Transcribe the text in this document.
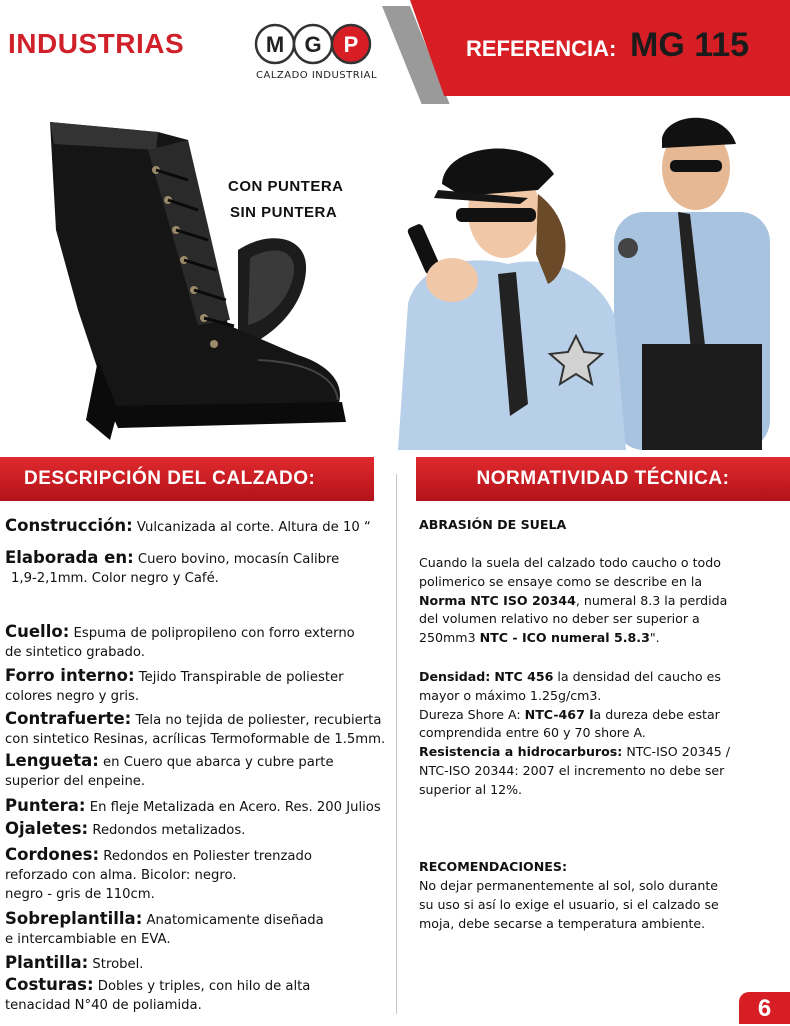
INDUSTRIAS	M G P
CALZADO INDUSTRIAL
REFERENCIA: MG 115
CON PUNTERA
SIN PUNTERA
DESCRIPCIÓN DEL CALZADO:	NORMATIVIDAD TÉCNICA:
Construcción: Vulcanizada al corte. Altura de 10 “
Elaborada en: Cuero bovino, mocasín Calibre
1,9-2,1mm. Color negro y Café.
Cuello: Espuma de polipropileno con forro externo
de sintetico grabado.
Forro interno: Tejido Transpirable de poliester
colores negro y gris.
Contrafuerte: Tela no tejida de poliester, recubierta
con sintetico Resinas, acrílicas Termoformable de 1.5mm.
Lengueta: en Cuero que abarca y cubre parte
superior del enpeine.
Puntera: En fleje Metalizada en Acero. Res. 200 Julios
Ojaletes: Redondos metalizados.
Cordones: Redondos en Poliester trenzado
reforzado con alma. Bicolor: negro.
negro - gris de 110cm.
Sobreplantilla: Anatomicamente diseñada
e intercambiable en EVA.
Plantilla: Strobel.
Costuras: Dobles y triples, con hilo de alta
tenacidad N°40 de poliamida.
ABRASIÓN DE SUELA
Cuando la suela del calzado todo caucho o todo
polimerico se ensaye como se describe en la
Norma NTC ISO 20344, numeral 8.3 la perdida
del volumen relativo no deber ser superior a
250mm3 NTC - ICO numeral 5.8.3".
Densidad: NTC 456 la densidad del caucho es
mayor o máximo 1.25g/cm3.
Dureza Shore A: NTC-467 la dureza debe estar
comprendida entre 60 y 70 shore A.
Resistencia a hidrocarburos: NTC-ISO 20345 /
NTC-ISO 20344: 2007 el incremento no debe ser
superior al 12%.
RECOMENDACIONES:
No dejar permanentemente al sol, solo durante
su uso si así lo exige el usuario, si el calzado se
moja, debe secarse a temperatura ambiente.
6
